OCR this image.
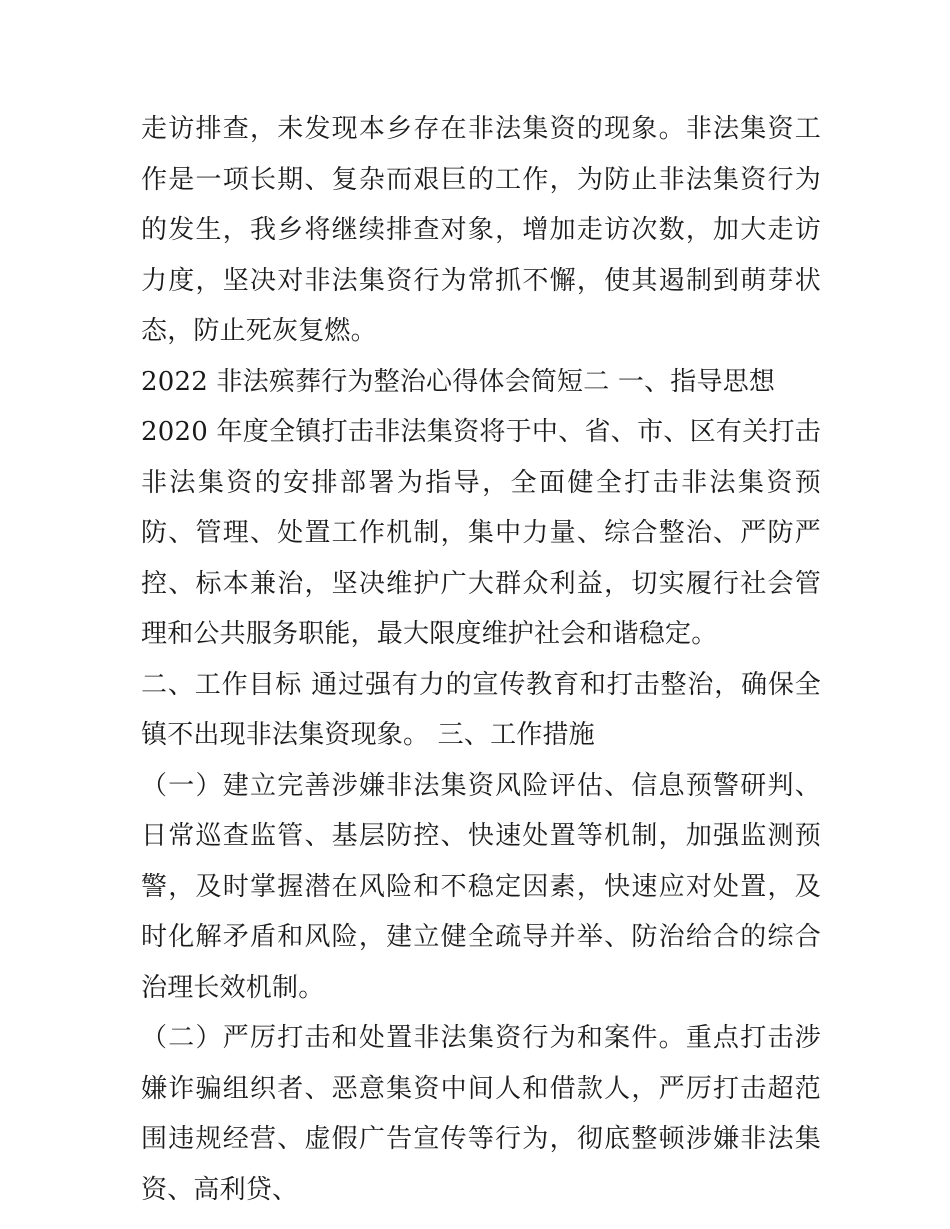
走访排查，未发现本乡存在非法集资的现象。非法集资工作是一项长期、复杂而艰巨的工作，为防止非法集资行为的发生，我乡将继续排查对象，增加走访次数，加大走访力度，坚决对非法集资行为常抓不懈，使其遏制到萌芽状态，防止死灰复燃。

2022 非法殡葬行为整治心得体会简短二 一、指导思想

2020 年度全镇打击非法集资将于中、省、市、区有关打击非法集资的安排部署为指导，全面健全打击非法集资预防、管理、处置工作机制，集中力量、综合整治、严防严控、标本兼治，坚决维护广大群众利益，切实履行社会管理和公共服务职能，最大限度维护社会和谐稳定。

二、工作目标 通过强有力的宣传教育和打击整治，确保全镇不出现非法集资现象。 三、工作措施

（一）建立完善涉嫌非法集资风险评估、信息预警研判、日常巡查监管、基层防控、快速处置等机制，加强监测预警，及时掌握潜在风险和不稳定因素，快速应对处置，及时化解矛盾和风险，建立健全疏导并举、防治给合的综合治理长效机制。

（二）严厉打击和处置非法集资行为和案件。重点打击涉嫌诈骗组织者、恶意集资中间人和借款人，严厉打击超范围违规经营、虚假广告宣传等行为，彻底整顿涉嫌非法集资、高利贷、
